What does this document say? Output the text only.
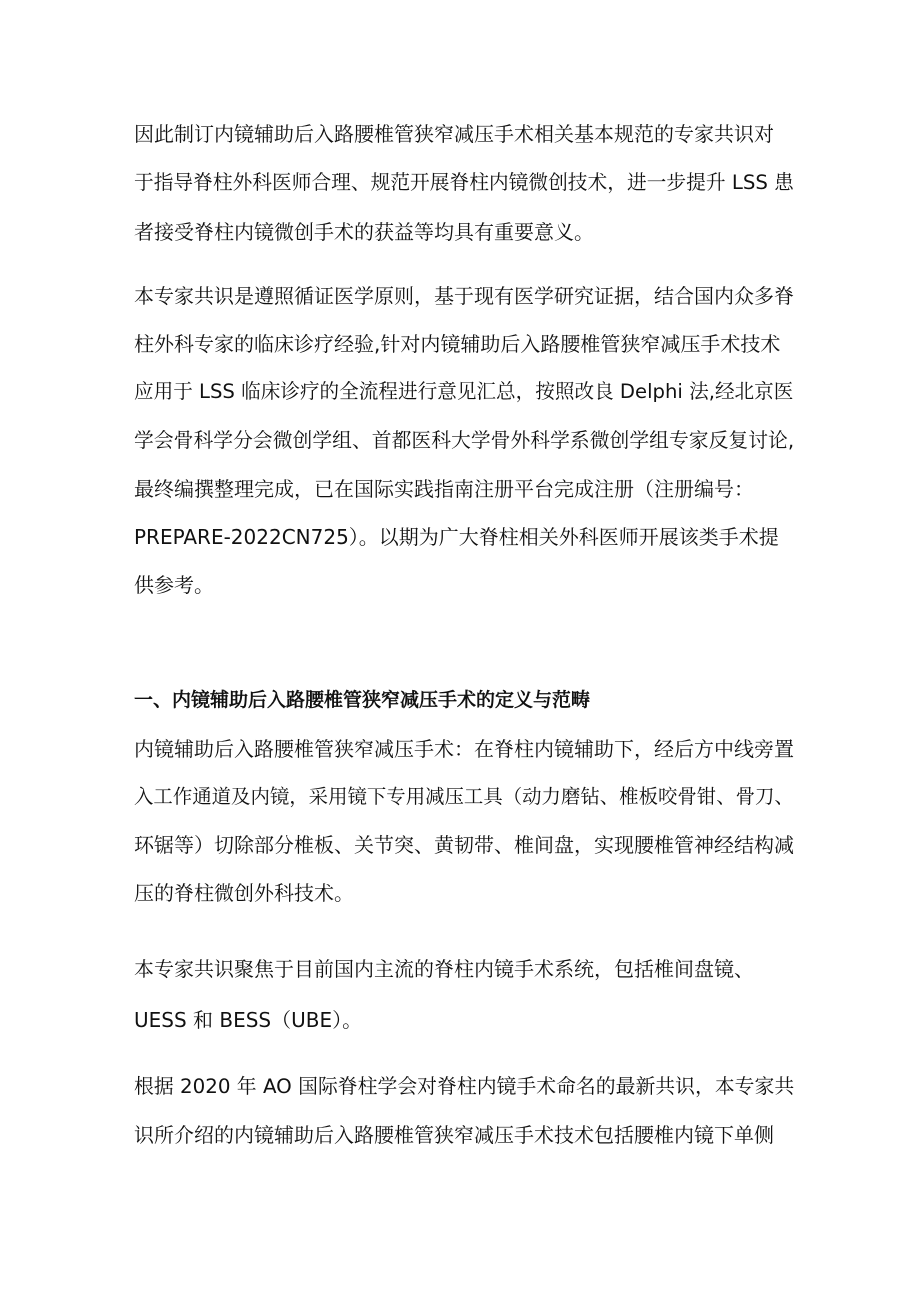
因此制订内镜辅助后入路腰椎管狭窄减压手术相关基本规范的专家共识对
于指导脊柱外科医师合理、规范开展脊柱内镜微创技术，进一步提升 LSS 患
者接受脊柱内镜微创手术的获益等均具有重要意义。
本专家共识是遵照循证医学原则，基于现有医学研究证据，结合国内众多脊
柱外科专家的临床诊疗经验,针对内镜辅助后入路腰椎管狭窄减压手术技术
应用于 LSS 临床诊疗的全流程进行意见汇总，按照改良 Delphi 法,经北京医
学会骨科学分会微创学组、首都医科大学骨外科学系微创学组专家反复讨论,
最终编撰整理完成，已在国际实践指南注册平台完成注册（注册编号：
PREPARE-2022CN725）。以期为广大脊柱相关外科医师开展该类手术提
供参考。
一、内镜辅助后入路腰椎管狭窄减压手术的定义与范畴
内镜辅助后入路腰椎管狭窄减压手术：在脊柱内镜辅助下，经后方中线旁置
入工作通道及内镜，采用镜下专用减压工具（动力磨钻、椎板咬骨钳、骨刀、
环锯等）切除部分椎板、关节突、黄韧带、椎间盘，实现腰椎管神经结构减
压的脊柱微创外科技术。
本专家共识聚焦于目前国内主流的脊柱内镜手术系统，包括椎间盘镜、
UESS 和 BESS（UBE）。
根据 2020 年 AO 国际脊柱学会对脊柱内镜手术命名的最新共识，本专家共
识所介绍的内镜辅助后入路腰椎管狭窄减压手术技术包括腰椎内镜下单侧
